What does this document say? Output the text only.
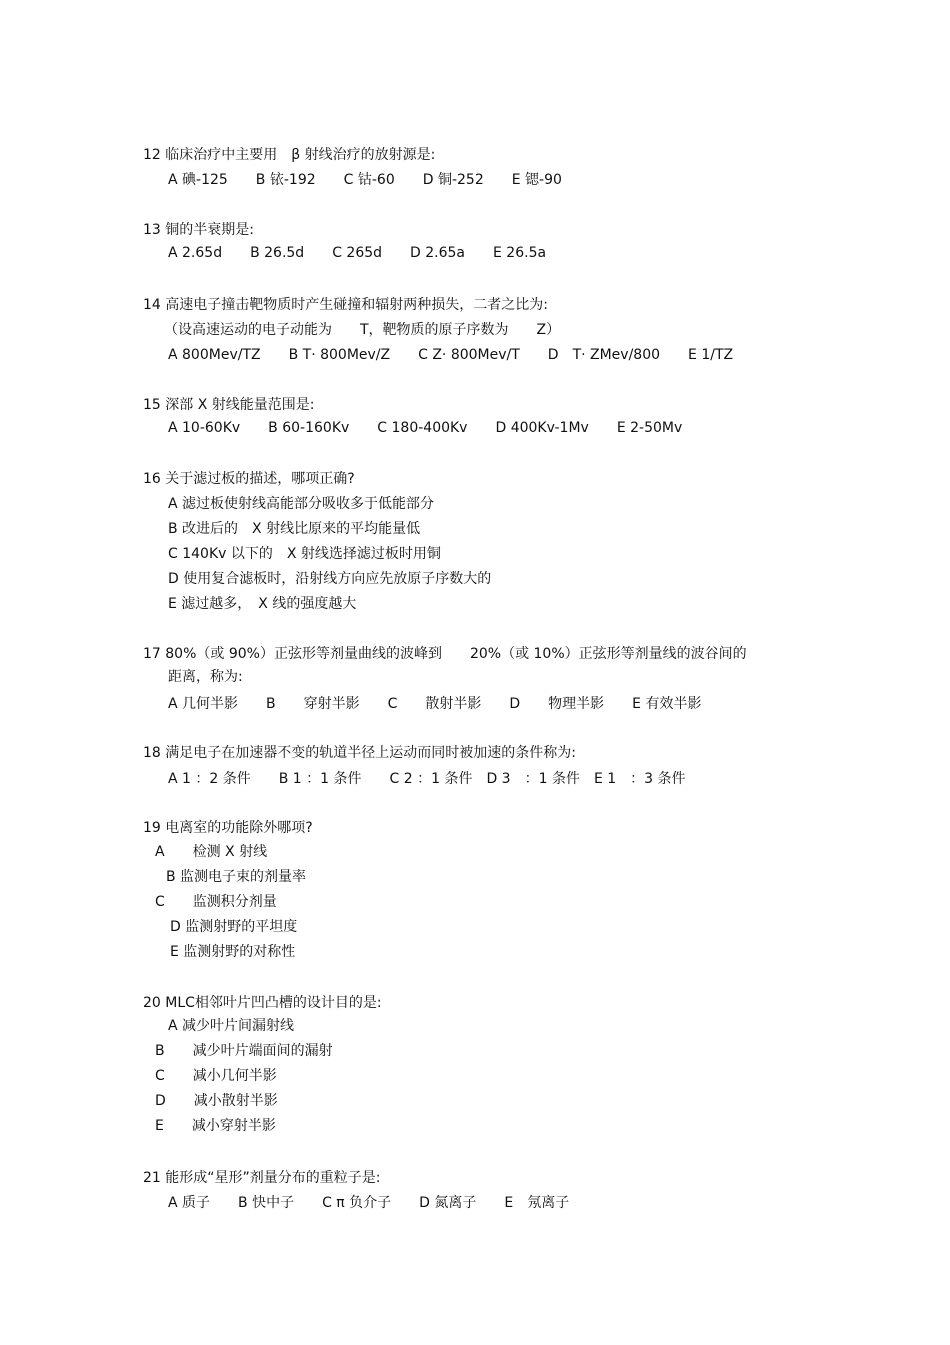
12 临床治疗中主要用　β 射线治疗的放射源是:
A 碘-125　　B 铱-192　　C 钴-60　　D 铜-252　　E 锶-90
13 铜的半衰期是:
A 2.65d　　B 26.5d　　C 265d　　D 2.65a　　E 26.5a
14 高速电子撞击靶物质时产生碰撞和辐射两种损失，二者之比为:
（设高速运动的电子动能为　　T，靶物质的原子序数为　　Z）
A 800Mev/TZ　　B T· 800Mev/Z　　C Z· 800Mev/T　　D　T· ZMev/800　　E 1/TZ
15 深部 X 射线能量范围是:
A 10-60Kv　　B 60-160Kv　　C 180-400Kv　　D 400Kv-1Mv　　E 2-50Mv
16 关于滤过板的描述，哪项正确?
A 滤过板使射线高能部分吸收多于低能部分
B 改进后的　X 射线比原来的平均能量低
C 140Kv 以下的　X 射线选择滤过板时用铜
D 使用复合滤板时，沿射线方向应先放原子序数大的
E 滤过越多，　X 线的强度越大
17 80%（或 90%）正弦形等剂量曲线的波峰到　　20%（或 10%）正弦形等剂量线的波谷间的
距离，称为:
A 几何半影　　B　　穿射半影　　C　　散射半影　　D　　物理半影　　E 有效半影
18 满足电子在加速器不变的轨道半径上运动而同时被加速的条件称为:
A 1 ：2 条件　　B 1 ：1 条件　　C 2 ：1 条件　D 3　：1 条件　E 1　：3 条件
19 电离室的功能除外哪项?
A　　检测 X 射线
B 监测电子束的剂量率
C　　监测积分剂量
D 监测射野的平坦度
E 监测射野的对称性
20 MLC相邻叶片凹凸槽的设计目的是:
A 减少叶片间漏射线
B　　减少叶片端面间的漏射
C　　减小几何半影
D　　减小散射半影
E　　减小穿射半影
21 能形成“星形”剂量分布的重粒子是:
A 质子　　B 快中子　　C π 负介子　　D 氮离子　　E　氖离子
